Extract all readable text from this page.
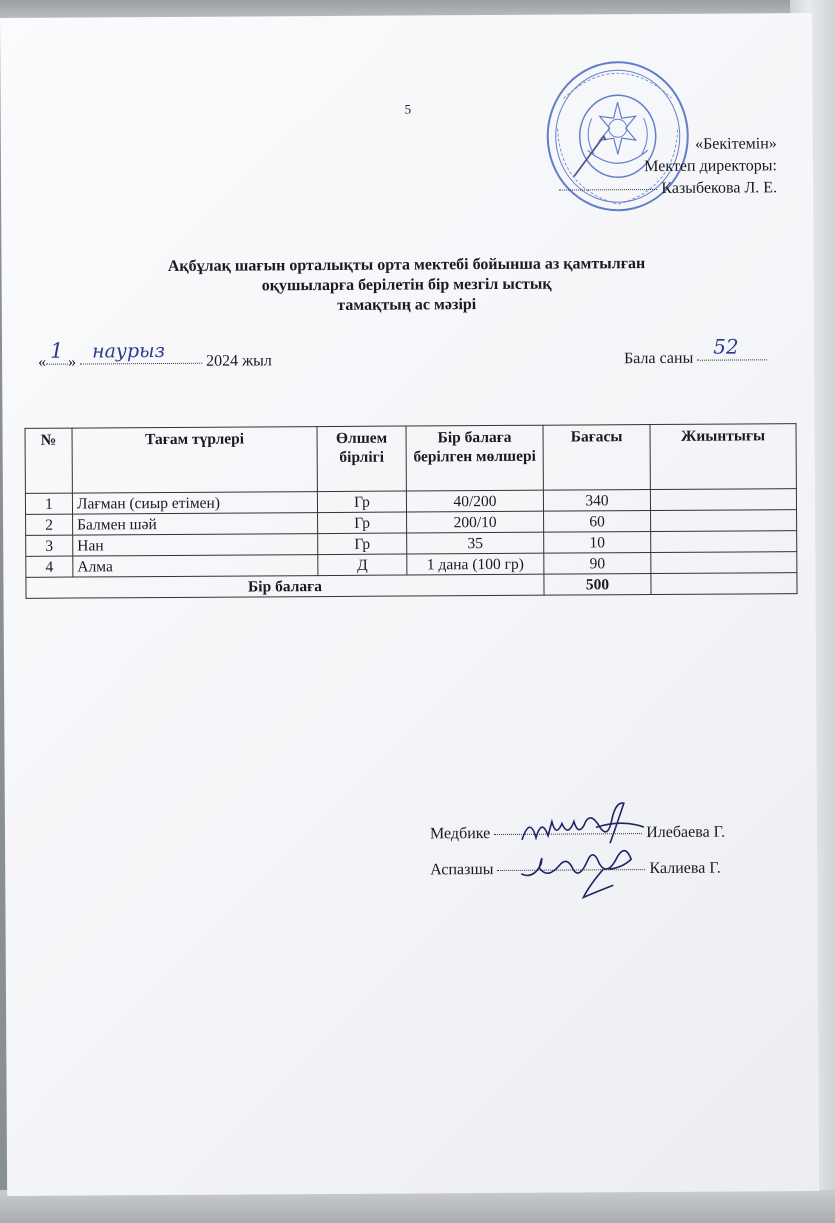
5
«Бекітемін»
Мектеп директоры:
Казыбекова Л. Е.
Ақбұлақ шағын орталықты орта мектебі бойынша аз қамтылған
оқушыларға берілетін бір мезгіл ыстық
тамақтың ас мәзірі
« 1 » наурыз	2024 жыл	Бала саны 52
№	Тағам түрлері	Өлшем бірлігі	Бір балаға берілген мөлшері	Бағасы	Жиынтығы
1	Лағман (сиыр етімен)	Гр	40/200	340	
2	Балмен шәй	Гр	200/10	60	
3	Нан	Гр	35	10	
4	Алма	Д	1 дана (100 гр)	90	
Бір балаға				500	
Медбике	Илебаева Г.
Аспазшы	Калиева Г.
